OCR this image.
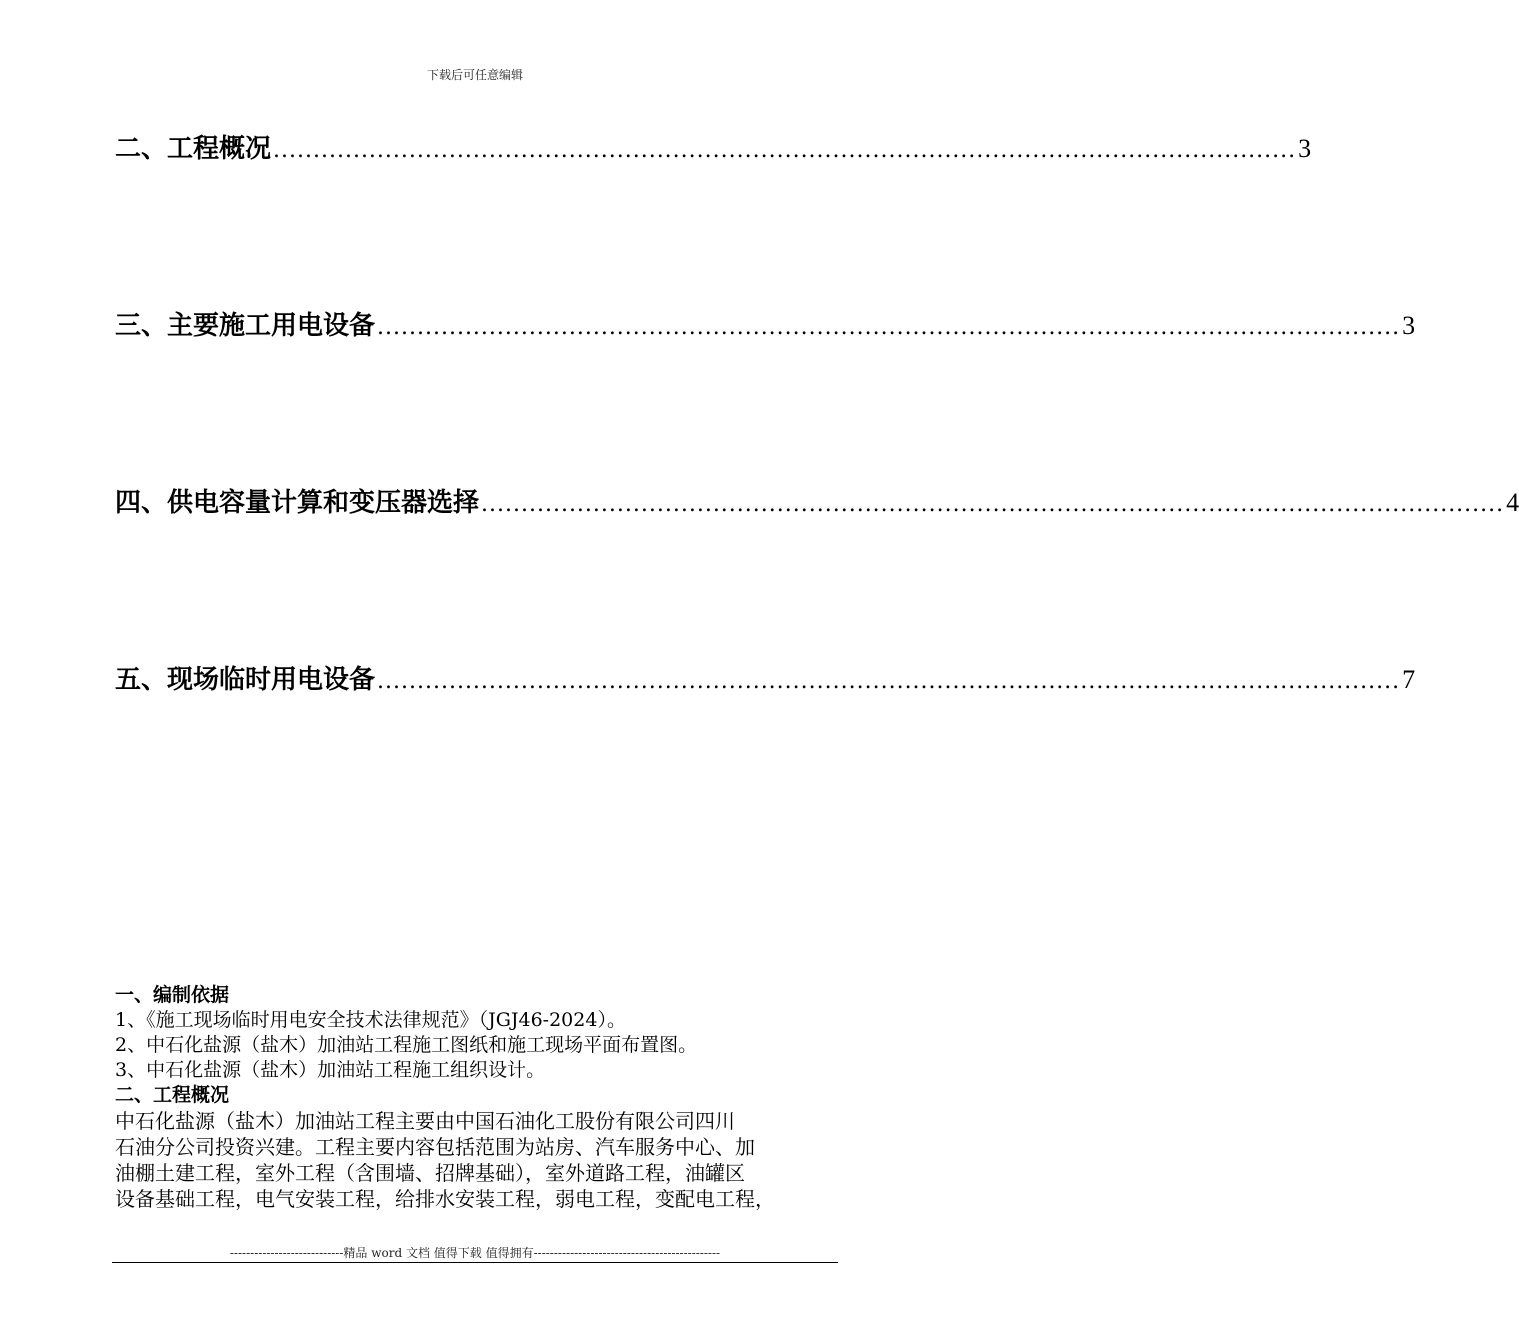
下载后可任意编辑
二、工程概况 ................................................................................................................................ 3
三、主要施工用电设备 ................................................................................................................................ 3
四、供电容量计算和变压器选择 ................................................................................................................................ 4
五、现场临时用电设备 ................................................................................................................................ 7
一、编制依据
1、《施工现场临时用电安全技术法律规范》（JGJ46-2024）。
2、中石化盐源（盐木）加油站工程施工图纸和施工现场平面布置图。
3、中石化盐源（盐木）加油站工程施工组织设计。
二、工程概况
中石化盐源（盐木）加油站工程主要由中国石油化工股份有限公司四川
石油分公司投资兴建。工程主要内容包括范围为站房、汽车服务中心、加
油棚土建工程，室外工程（含围墙、招牌基础），室外道路工程，油罐区
设备基础工程，电气安装工程，给排水安装工程，弱电工程，变配电工程，
----------------------------精品 word 文档 值得下载 值得拥有----------------------------------------------
